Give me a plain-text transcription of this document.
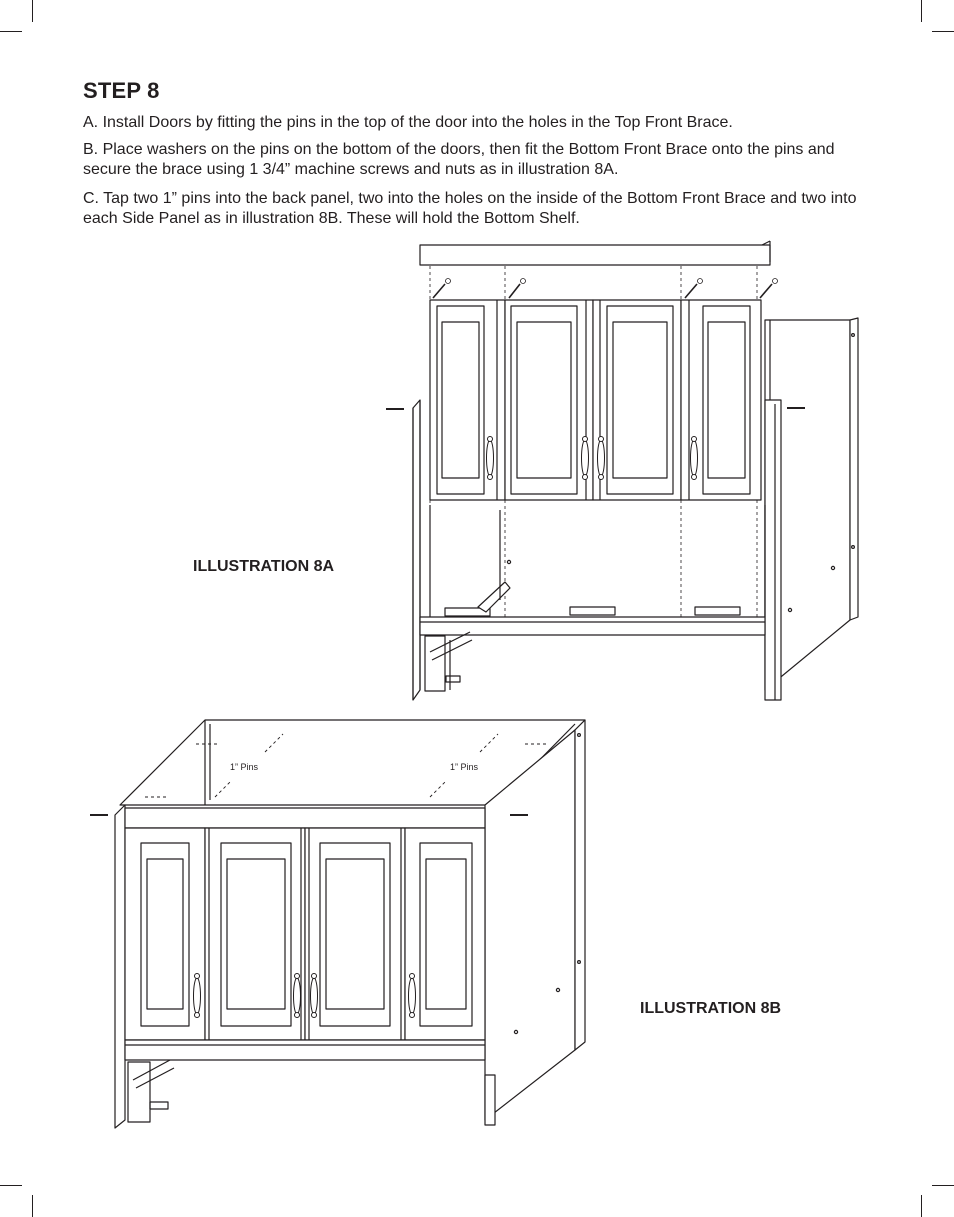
STEP 8

A. Install Doors by fitting the pins in the top of the door into the holes in the Top Front Brace.

B. Place washers on the pins on the bottom of the doors, then fit the Bottom Front Brace onto the pins and secure the brace using 1 3/4” machine screws and nuts as in illustration 8A.

C. Tap two 1” pins into the back panel, two into the holes on the inside of the Bottom Front Brace and two into each Side Panel as in illustration 8B. These will hold the Bottom Shelf.

1” Pins	1” Pins

ILLUSTRATION 8A

ILLUSTRATION 8B
